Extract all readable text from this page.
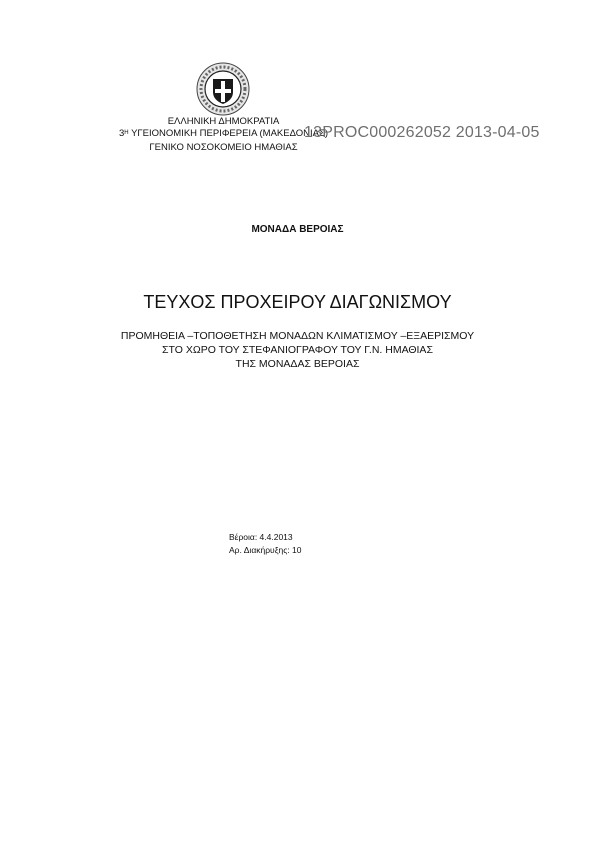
ΕΛΛΗΝΙΚΗ ΔΗΜΟΚΡΑΤΙΑ
$3^H$ ΥΓΕΙΟΝΟΜΙΚΗ ΠΕΡΙΦΕΡΕΙΑ (ΜΑΚΕΔΟΝΙΑΣ)
ΓΕΝΙΚΟ ΝΟΣΟΚΟΜΕΙΟ ΗΜΑΘΙΑΣ
13PROC000262052 2013-04-05
ΜΟΝΑΔΑ ΒΕΡΟΙΑΣ
ΤΕΥΧΟΣ ΠΡΟΧΕΙΡΟΥ ΔΙΑΓΩΝΙΣΜΟΥ
ΠΡΟΜΗΘΕΙΑ –ΤΟΠΟΘΕΤΗΣΗ ΜΟΝΑΔΩΝ ΚΛΙΜΑΤΙΣΜΟΥ –ΕΞΑΕΡΙΣΜΟΥ
ΣΤΟ ΧΩΡΟ ΤΟΥ ΣΤΕΦΑΝΙΟΓΡΑΦΟΥ ΤΟΥ Γ.Ν. ΗΜΑΘΙΑΣ
ΤΗΣ ΜΟΝΑΔΑΣ ΒΕΡΟΙΑΣ
Βέροια: 4.4.2013
Αρ. Διακήρυξης: 10
